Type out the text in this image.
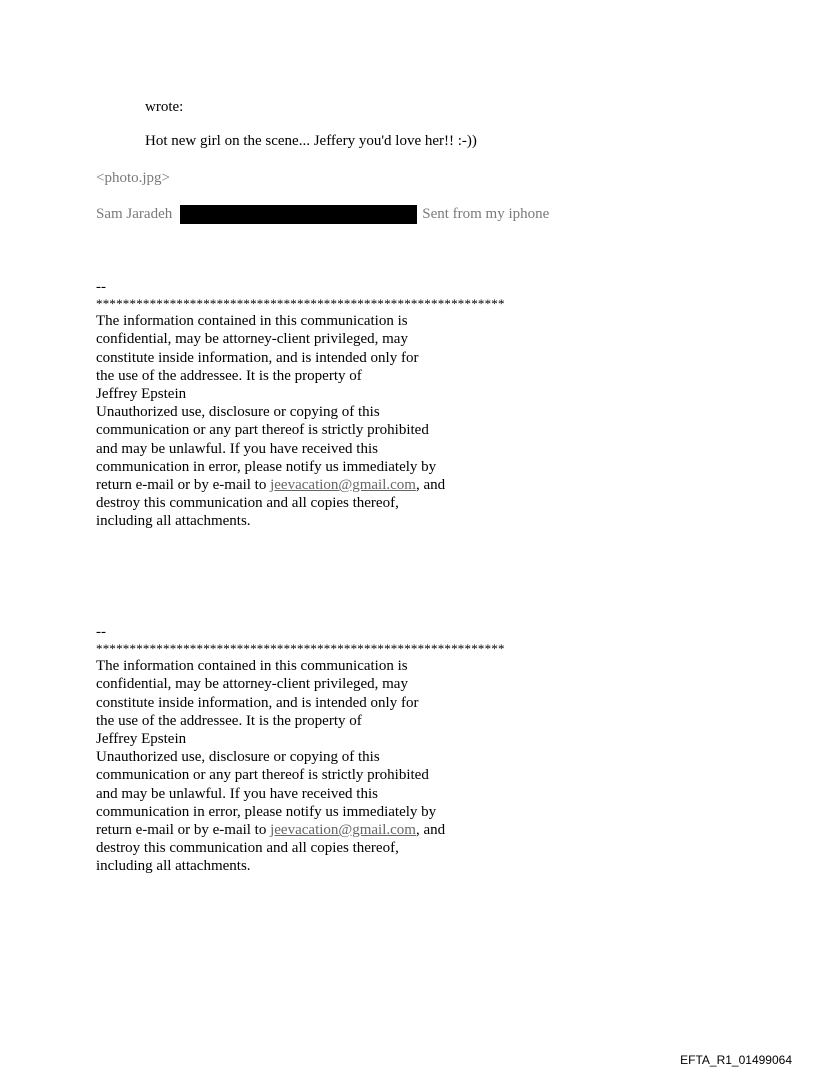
wrote:
Hot new girl on the scene... Jeffery you'd love her!! :-))
<photo.jpg>
Sam Jaradeh	Sent from my iphone
--
*************************************************************
The information contained in this communication is
confidential, may be attorney-client privileged, may
constitute inside information, and is intended only for
the use of the addressee. It is the property of
Jeffrey Epstein
Unauthorized use, disclosure or copying of this
communication or any part thereof is strictly prohibited
and may be unlawful. If you have received this
communication in error, please notify us immediately by
return e-mail or by e-mail to jeevacation@gmail.com, and
destroy this communication and all copies thereof,
including all attachments.
--
*************************************************************
The information contained in this communication is
confidential, may be attorney-client privileged, may
constitute inside information, and is intended only for
the use of the addressee. It is the property of
Jeffrey Epstein
Unauthorized use, disclosure or copying of this
communication or any part thereof is strictly prohibited
and may be unlawful. If you have received this
communication in error, please notify us immediately by
return e-mail or by e-mail to jeevacation@gmail.com, and
destroy this communication and all copies thereof,
including all attachments.
EFTA_R1_01499064
